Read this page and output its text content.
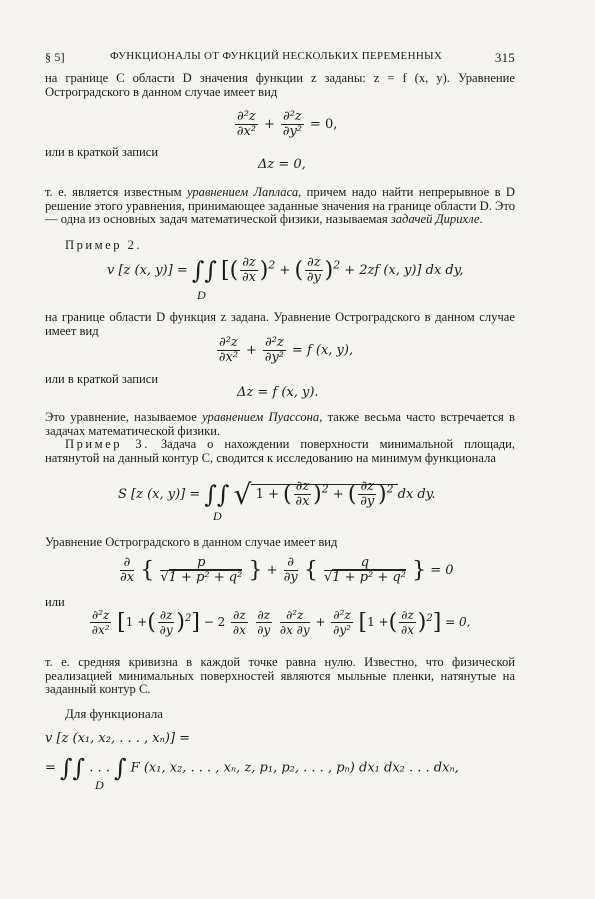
§ 5]	ФУНКЦИОНАЛЫ ОТ ФУНКЦИЙ НЕСКОЛЬКИХ ПЕРЕМЕННЫХ	315
на границе C области D значения функции z заданы: z = f (x, y). Уравнение Остроградского в данном случае имеет вид
$\frac{\text{∂²z}}{\text{∂x²}} + \frac{\text{∂²z}}{\text{∂y²}} = 0$,
или в краткой записи
Δz = 0,
т. е. является известным уравнением Лапласа, причем надо найти непрерывное в D решение этого уравнения, принимающее заданные значения на границе области D. Это — одна из основных задач математической физики, называемая задачей Дирихле.
Пример 2.
v [z (x, y)] = ∫∫ [( $\frac{\partial z}{\partial x} )^2$ + ( $\frac{\partial z}{\partial y} )^2 + 2zf$ (x, y)] dx dy,
D
на границе области D функция z задана. Уравнение Остроградского в данном случае имеет вид
$\frac{\text{∂²z}}{\text{∂x²}} + \frac{\text{∂²z}}{\text{∂y²}} = f$ (x, y),
или в краткой записи
Δz = f (x, y).
Это уравнение, называемое уравнением Пуассона, также весьма часто встречается в задачах математической физики.
Пример 3. Задача о нахождении поверхности минимальной площади, натянутой на данный контур C, сводится к исследованию на минимум функционала
S [z (x, y)] = ∫∫ √ 1 + ( $\frac{\partial z}{\partial x} )^2$ + ( $\frac{\partial z}{\partial y} )^2$ dx dy.
D
Уравнение Остроградского в данном случае имеет вид
$\frac{\partial}{\partial x}$ { $\frac{p}{\text{√1 + p² + q²}}$ } + $\frac{\partial}{\partial y}$ { $\frac{q}{\text{√1 + p² + q²}}$ } = 0
или
$\frac{\text{∂²z}}{\text{∂x²}} [1$ +( $\frac{\partial z}{\partial y} )^2] - 2 \frac{\partial z}{\partial x}$
$\frac{\partial z}{\partial y}$
$\frac{\text{∂²z}}{\partial x \partial y} + \frac{\text{∂²z}}{\text{∂y²}} [1$ +( $\frac{\partial z}{\partial x} )^2] = 0$,
т. е. средняя кривизна в каждой точке равна нулю. Известно, что физической реализацией минимальных поверхностей являются мыльные пленки, натянутые на заданный контур C.
Для функционала
v [z (x₁, x₂, . . . , xₙ)] =
= ∫∫ . . . ∫ F (x₁, x₂, . . . , xₙ, z, p₁, p₂, . . . , pₙ) dx₁ dx₂ . . . dxₙ,
D
